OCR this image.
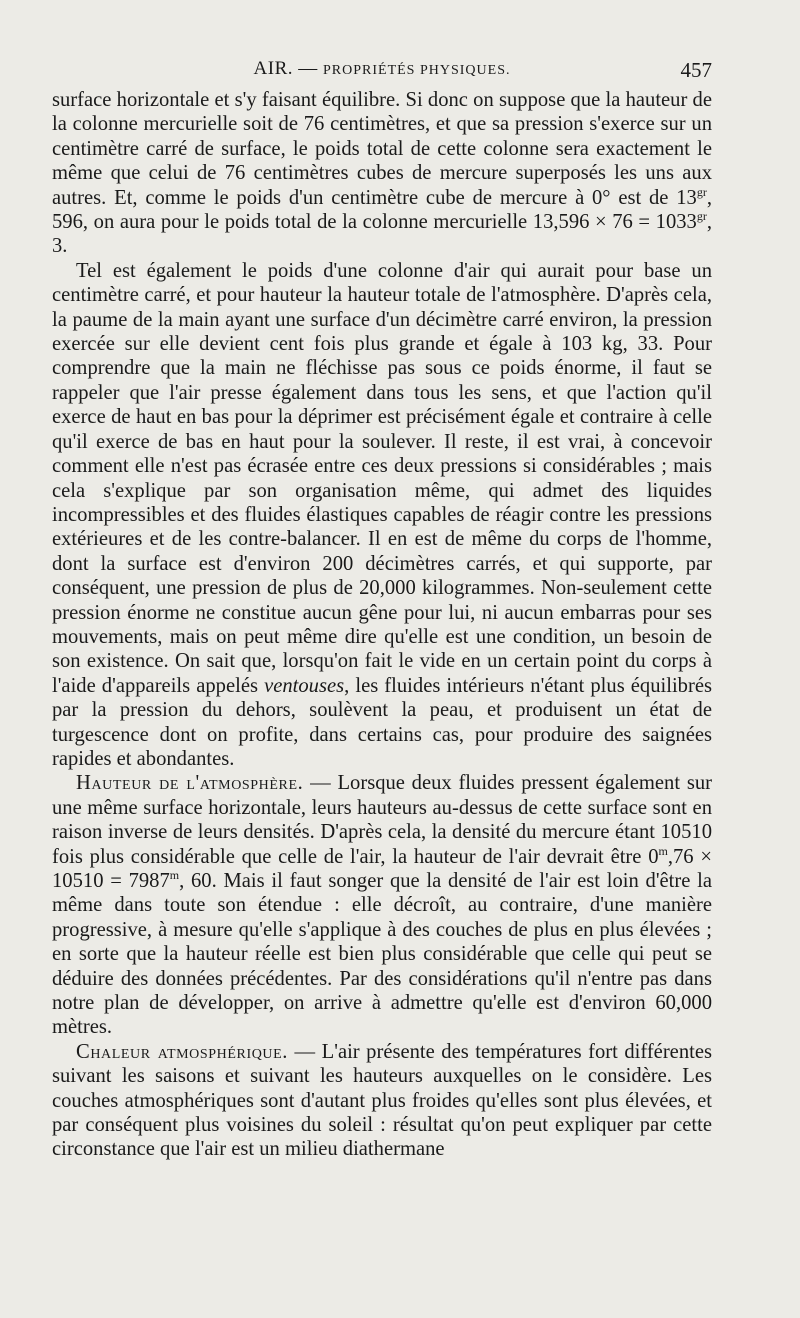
AIR. — PROPRIÉTÉS PHYSIQUES.	457

surface horizontale et s'y faisant équilibre. Si donc on suppose que la hauteur de la colonne mercurielle soit de 76 centimètres, et que sa pression s'exerce sur un centimètre carré de surface, le poids total de cette colonne sera exactement le même que celui de 76 centimètres cubes de mercure superposés les uns aux autres. Et, comme le poids d'un centimètre cube de mercure à 0° est de $13^{gr}$, 596, on aura pour le poids total de la colonne mercurielle $13,596 \times 76 = 1033^{gr}$, 3.

Tel est également le poids d'une colonne d'air qui aurait pour base un centimètre carré, et pour hauteur la hauteur totale de l'atmosphère. D'après cela, la paume de la main ayant une surface d'un décimètre carré environ, la pression exercée sur elle devient cent fois plus grande et égale à 103 kg, 33. Pour comprendre que la main ne fléchisse pas sous ce poids énorme, il faut se rappeler que l'air presse également dans tous les sens, et que l'action qu'il exerce de haut en bas pour la déprimer est précisément égale et contraire à celle qu'il exerce de bas en haut pour la soulever. Il reste, il est vrai, à concevoir comment elle n'est pas écrasée entre ces deux pressions si considérables ; mais cela s'explique par son organisation même, qui admet des liquides incompressibles et des fluides élastiques capables de réagir contre les pressions extérieures et de les contre-balancer. Il en est de même du corps de l'homme, dont la surface est d'environ 200 décimètres carrés, et qui supporte, par conséquent, une pression de plus de 20,000 kilogrammes. Non-seulement cette pression énorme ne constitue aucun gêne pour lui, ni aucun embarras pour ses mouvements, mais on peut même dire qu'elle est une condition, un besoin de son existence. On sait que, lorsqu'on fait le vide en un certain point du corps à l'aide d'appareils appelés ventouses, les fluides intérieurs n'étant plus équilibrés par la pression du dehors, soulèvent la peau, et produisent un état de turgescence dont on profite, dans certains cas, pour produire des saignées rapides et abondantes.

Hauteur de l'atmosphère. — Lorsque deux fluides pressent également sur une même surface horizontale, leurs hauteurs au-dessus de cette surface sont en raison inverse de leurs densités. D'après cela, la densité du mercure étant 10510 fois plus considérable que celle de l'air, la hauteur de l'air devrait être $0^m,76 \times 10510 = 7987^m$, 60. Mais il faut songer que la densité de l'air est loin d'être la même dans toute son étendue : elle décroît, au contraire, d'une manière progressive, à mesure qu'elle s'applique à des couches de plus en plus élevées ; en sorte que la hauteur réelle est bien plus considérable que celle qui peut se déduire des données précédentes. Par des considérations qu'il n'entre pas dans notre plan de développer, on arrive à admettre qu'elle est d'environ 60,000 mètres.

Chaleur atmosphérique. — L'air présente des températures fort différentes suivant les saisons et suivant les hauteurs auxquelles on le considère. Les couches atmosphériques sont d'autant plus froides qu'elles sont plus élevées, et par conséquent plus voisines du soleil : résultat qu'on peut expliquer par cette circonstance que l'air est un milieu diathermane
